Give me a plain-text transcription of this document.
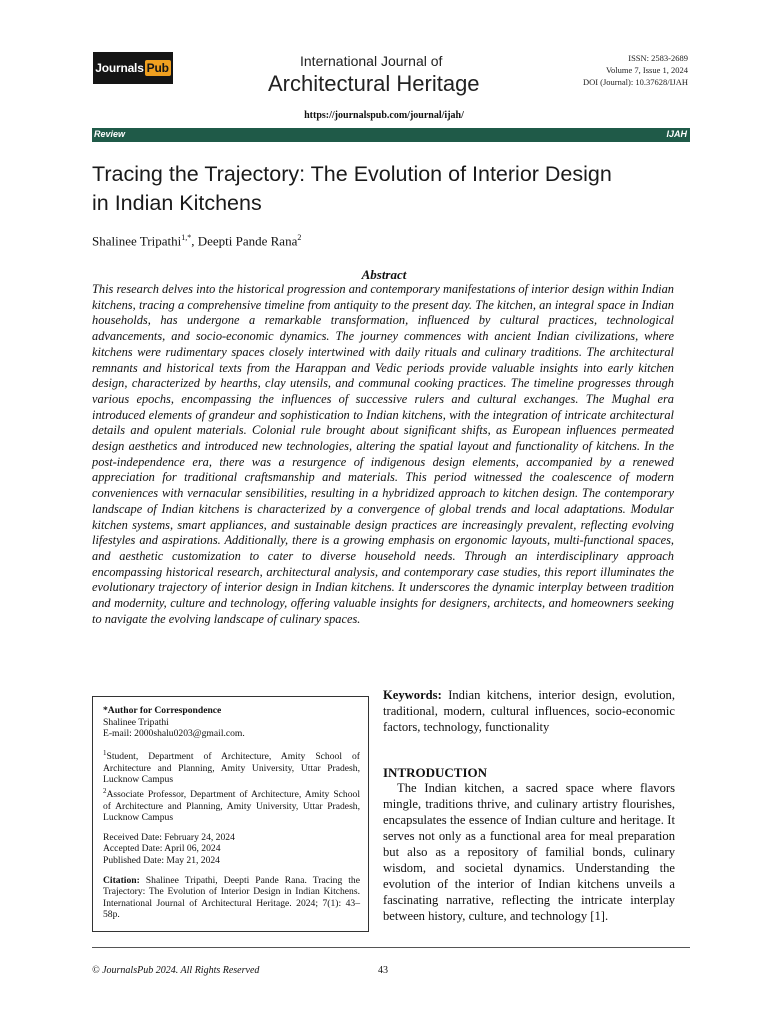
Journals Pub	International Journal of
Architectural Heritage
ISSN: 2583-2689
Volume 7, Issue 1, 2024
DOI (Journal): 10.37628/IJAH
https://journalspub.com/journal/ijah/
Review	IJAH
Tracing the Trajectory: The Evolution of Interior Design
in Indian Kitchens
Shalinee Tripathi$^{1,*}$, Deepti Pande Rana$^2$
Abstract
This research delves into the historical progression and contemporary manifestations of interior design within Indian kitchens, tracing a comprehensive timeline from antiquity to the present day. The kitchen, an integral space in Indian households, has undergone a remarkable transformation, influenced by cultural practices, technological advancements, and socio-economic dynamics. The journey commences with ancient Indian civilizations, where kitchens were rudimentary spaces closely intertwined with daily rituals and culinary traditions. The architectural remnants and historical texts from the Harappan and Vedic periods provide valuable insights into early kitchen design, characterized by hearths, clay utensils, and communal cooking practices. The timeline progresses through various epochs, encompassing the influences of successive rulers and cultural exchanges. The Mughal era introduced elements of grandeur and sophistication to Indian kitchens, with the integration of intricate architectural details and opulent materials. Colonial rule brought about significant shifts, as European influences permeated design aesthetics and introduced new technologies, altering the spatial layout and functionality of kitchens. In the post-independence era, there was a resurgence of indigenous design elements, accompanied by a renewed appreciation for traditional craftsmanship and materials. This period witnessed the coalescence of modern conveniences with vernacular sensibilities, resulting in a hybridized approach to kitchen design. The contemporary landscape of Indian kitchens is characterized by a convergence of global trends and local adaptations. Modular kitchen systems, smart appliances, and sustainable design practices are increasingly prevalent, reflecting evolving lifestyles and aspirations. Additionally, there is a growing emphasis on ergonomic layouts, multi-functional spaces, and aesthetic customization to cater to diverse household needs. Through an interdisciplinary approach encompassing historical research, architectural analysis, and contemporary case studies, this report illuminates the evolutionary trajectory of interior design in Indian kitchens. It underscores the dynamic interplay between tradition and modernity, culture and technology, offering valuable insights for designers, architects, and homeowners seeking to navigate the evolving landscape of culinary spaces.

*Author for Correspondence

Shalinee Tripathi

E-mail: 2000shalu0203@gmail.com.

$^1$Student, Department of Architecture, Amity School of Architecture and Planning, Amity University, Uttar Pradesh, Lucknow Campus

$^2$Associate Professor, Department of Architecture, Amity School of Architecture and Planning, Amity University, Uttar Pradesh, Lucknow Campus

Received Date: February 24, 2024

Accepted Date: April 06, 2024

Published Date: May 21, 2024

Citation: Shalinee Tripathi, Deepti Pande Rana. Tracing the Trajectory: The Evolution of Interior Design in Indian Kitchens. International Journal of Architectural Heritage. 2024; 7(1): 43–58p.

Keywords: Indian kitchens, interior design, evolution, traditional, modern, cultural influences, socio-economic factors, technology, functionality
INTRODUCTION
The Indian kitchen, a sacred space where flavors mingle, traditions thrive, and culinary artistry flourishes, encapsulates the essence of Indian culture and heritage. It serves not only as a functional area for meal preparation but also as a repository of familial bonds, culinary wisdom, and societal dynamics. Understanding the evolution of the interior of Indian kitchens unveils a fascinating narrative, reflecting the intricate interplay between history, culture, and technology [1].
© JournalsPub 2024. All Rights Reserved	43
